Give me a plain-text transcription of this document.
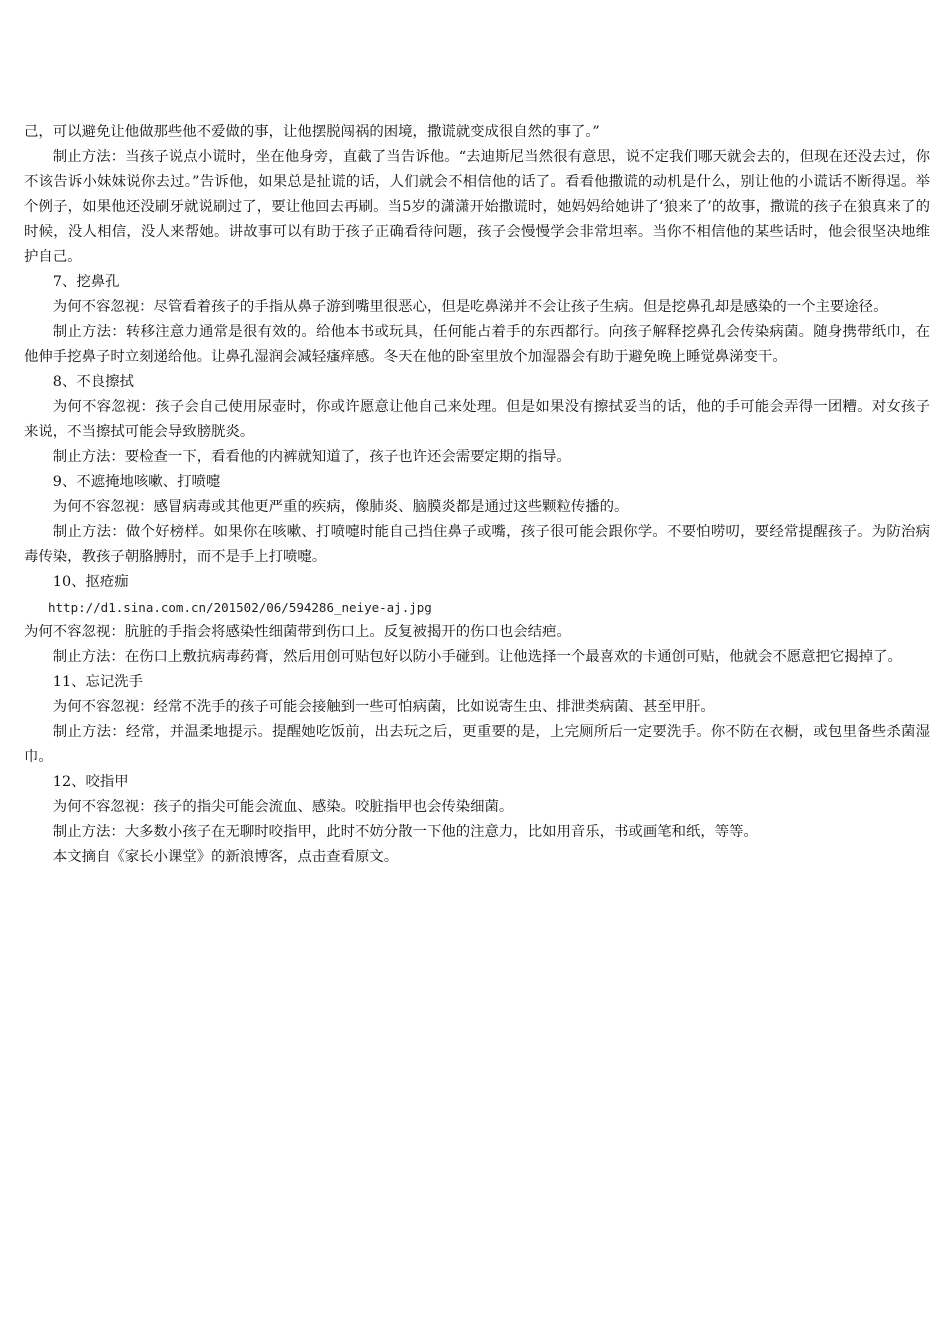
己，可以避免让他做那些他不爱做的事，让他摆脱闯祸的困境，撒谎就变成很自然的事了。”

制止方法：当孩子说点小谎时，坐在他身旁，直截了当告诉他。“去迪斯尼当然很有意思，说不定我们哪天就会去的，但现在还没去过，你不该告诉小妹妹说你去过。”告诉他，如果总是扯谎的话，人们就会不相信他的话了。看看他撒谎的动机是什么，别让他的小谎话不断得逞。举个例子，如果他还没刷牙就说刷过了，要让他回去再刷。当5岁的潇潇开始撒谎时，她妈妈给她讲了‘狼来了’的故事，撒谎的孩子在狼真来了的时候，没人相信，没人来帮她。讲故事可以有助于孩子正确看待问题，孩子会慢慢学会非常坦率。当你不相信他的某些话时，他会很坚决地维护自己。

7、挖鼻孔

为何不容忽视：尽管看着孩子的手指从鼻子游到嘴里很恶心，但是吃鼻涕并不会让孩子生病。但是挖鼻孔却是感染的一个主要途径。

制止方法：转移注意力通常是很有效的。给他本书或玩具，任何能占着手的东西都行。向孩子解释挖鼻孔会传染病菌。随身携带纸巾，在他伸手挖鼻子时立刻递给他。让鼻孔湿润会减轻瘙痒感。冬天在他的卧室里放个加湿器会有助于避免晚上睡觉鼻涕变干。

8、不良擦拭

为何不容忽视：孩子会自己使用尿壶时，你或许愿意让他自己来处理。但是如果没有擦拭妥当的话，他的手可能会弄得一团糟。对女孩子来说，不当擦拭可能会导致膀胱炎。

制止方法：要检查一下，看看他的内裤就知道了，孩子也许还会需要定期的指导。

9、不遮掩地咳嗽、打喷嚏

为何不容忽视：感冒病毒或其他更严重的疾病，像肺炎、脑膜炎都是通过这些颗粒传播的。

制止方法：做个好榜样。如果你在咳嗽、打喷嚏时能自己挡住鼻子或嘴，孩子很可能会跟你学。不要怕唠叨，要经常提醒孩子。为防治病毒传染，教孩子朝胳膊肘，而不是手上打喷嚏。

10、抠疮痂

http://d1.sina.com.cn/201502/06/594286_neiye-aj.jpg

为何不容忽视：肮脏的手指会将感染性细菌带到伤口上。反复被揭开的伤口也会结疤。

制止方法：在伤口上敷抗病毒药膏，然后用创可贴包好以防小手碰到。让他选择一个最喜欢的卡通创可贴，他就会不愿意把它揭掉了。

11、忘记洗手

为何不容忽视：经常不洗手的孩子可能会接触到一些可怕病菌，比如说寄生虫、排泄类病菌、甚至甲肝。

制止方法：经常，并温柔地提示。提醒她吃饭前，出去玩之后，更重要的是，上完厕所后一定要洗手。你不防在衣橱，或包里备些杀菌湿巾。

12、咬指甲

为何不容忽视：孩子的指尖可能会流血、感染。咬脏指甲也会传染细菌。

制止方法：大多数小孩子在无聊时咬指甲，此时不妨分散一下他的注意力，比如用音乐，书或画笔和纸，等等。

本文摘自《家长小课堂》的新浪博客，点击查看原文。
